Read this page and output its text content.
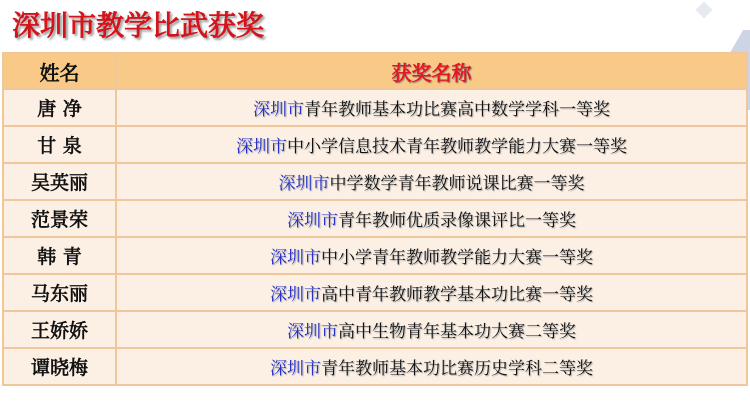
深圳市教学比武获奖
姓名	获奖名称
唐 净	深圳市青年教师基本功比赛高中数学学科一等奖
甘 泉	深圳市中小学信息技术青年教师教学能力大赛一等奖
吴英丽	深圳市中学数学青年教师说课比赛一等奖
范景荣	深圳市青年教师优质录像课评比一等奖
韩 青	深圳市中小学青年教师教学能力大赛一等奖
马东丽	深圳市高中青年教师教学基本功比赛一等奖
王娇娇	深圳市高中生物青年基本功大赛二等奖
谭晓梅	深圳市青年教师基本功比赛历史学科二等奖
